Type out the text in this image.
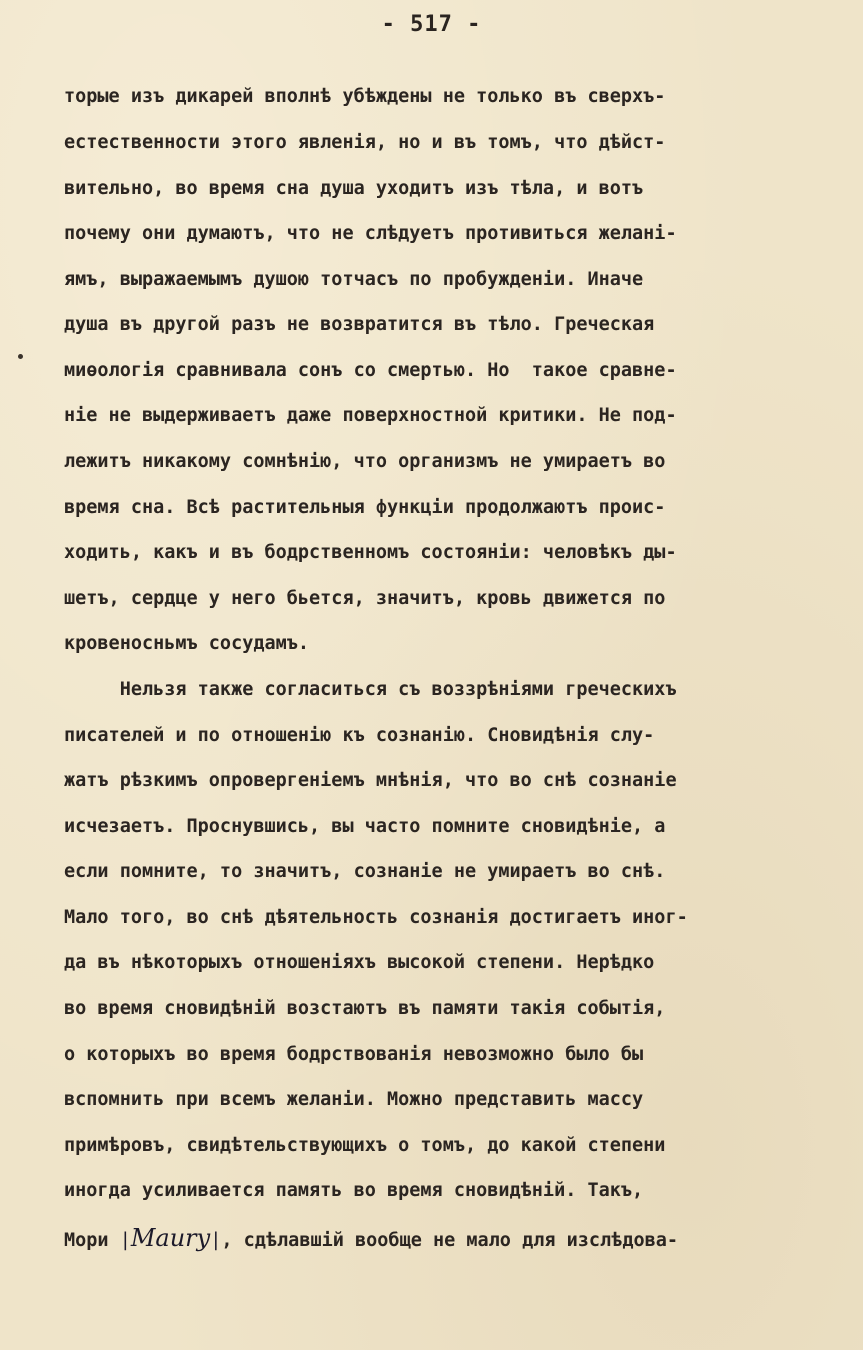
- 517 -
торые изъ дикарей вполнѣ убѣждены не только въ сверхъ-
естественности этого явленія, но и въ томъ, что дѣйст-
вительно, во время сна душа уходитъ изъ тѣла, и вотъ
почему они думаютъ, что не слѣдуетъ противиться желані-
ямъ, выражаемымъ душою тотчасъ по пробужденіи. Иначе
душа въ другой разъ не возвратится въ тѣло. Греческая
миѳологія сравнивала сонъ со смертью. Но  такое сравне-
ніе не выдерживаетъ даже поверхностной критики. Не под-
лежитъ никакому сомнѣнію, что организмъ не умираетъ во
время сна. Всѣ растительныя функціи продолжаютъ проис-
ходить, какъ и въ бодрственномъ состояніи: человѣкъ ды-
шетъ, сердце у него бьется, значитъ, кровь движется по
кровеносньмъ сосудамъ.
Нельзя также согласиться съ воззрѣніями греческихъ
писателей и по отношенію къ сознанію. Сновидѣнія слу-
жатъ рѣзкимъ опровергеніемъ мнѣнія, что во снѣ сознаніе
исчезаетъ. Проснувшись, вы часто помните сновидѣніе, а
если помните, то значитъ, сознаніе не умираетъ во снѣ.
Мало того, во снѣ дѣятельность сознанія достигаетъ иног-
да въ нѣкоторыхъ отношеніяхъ высокой степени. Нерѣдко
во время сновидѣній возстаютъ въ памяти такія событія,
о которыхъ во время бодрствованія невозможно было бы
вспомнить при всемъ желаніи. Можно представить массу
примѣровъ, свидѣтельствующихъ о томъ, до какой степени
иногда усиливается память во время сновидѣній. Такъ,
Мори |Maury|, сдѣлавшій вообще не мало для изслѣдова-
